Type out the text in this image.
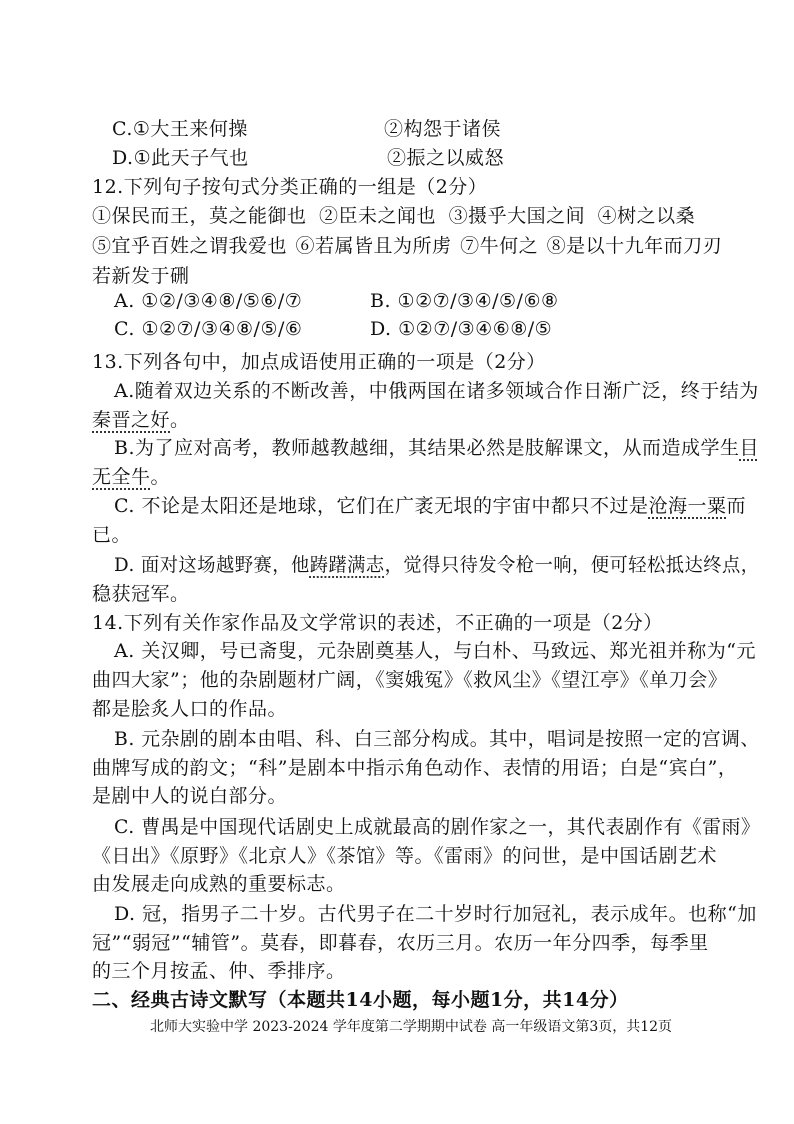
C.①大王来何操	②构怨于诸侯
D.①此天子气也	②振之以威怒
12.下列句子按句式分类正确的一组是（2分）
①保民而王，莫之能御也 ②臣未之闻也 ③摄乎大国之间 ④树之以桑
⑤宜乎百姓之谓我爱也 ⑥若属皆且为所虏 ⑦牛何之 ⑧是以十九年而刀刃
若新发于硎
A. ①②/③④⑧/⑤⑥/⑦	B. ①②⑦/③④/⑤/⑥⑧
C. ①②⑦/③④⑧/⑤/⑥	D. ①②⑦/③④⑥⑧/⑤
13.下列各句中，加点成语使用正确的一项是（2分）
A.随着双边关系的不断改善，中俄两国在诸多领域合作日渐广泛，终于结为
秦晋之好。
B.为了应对高考，教师越教越细，其结果必然是肢解课文，从而造成学生目
无全牛。
C. 不论是太阳还是地球，它们在广袤无垠的宇宙中都只不过是沧海一粟而
已。
D. 面对这场越野赛，他踌躇满志，觉得只待发令枪一响，便可轻松抵达终点，
稳获冠军。
14.下列有关作家作品及文学常识的表述，不正确的一项是（2分）
A. 关汉卿，号已斋叟，元杂剧奠基人，与白朴、马致远、郑光祖并称为“元
曲四大家”；他的杂剧题材广阔，《窦娥冤》《救风尘》《望江亭》《单刀会》
都是脍炙人口的作品。
B. 元杂剧的剧本由唱、科、白三部分构成。其中，唱词是按照一定的宫调、
曲牌写成的韵文；“科”是剧本中指示角色动作、表情的用语；白是“宾白”，
是剧中人的说白部分。
C. 曹禺是中国现代话剧史上成就最高的剧作家之一，其代表剧作有《雷雨》
《日出》《原野》《北京人》《茶馆》等。《雷雨》的问世，是中国话剧艺术
由发展走向成熟的重要标志。
D. 冠，指男子二十岁。古代男子在二十岁时行加冠礼，表示成年。也称“加
冠”“弱冠”“辅管”。莫春，即暮春，农历三月。农历一年分四季，每季里
的三个月按孟、仲、季排序。
二、经典古诗文默写（本题共14小题，每小题1分，共14分）
北师大实验中学 2023-2024 学年度第二学期期中试卷 高一年级语文第3页，共12页
